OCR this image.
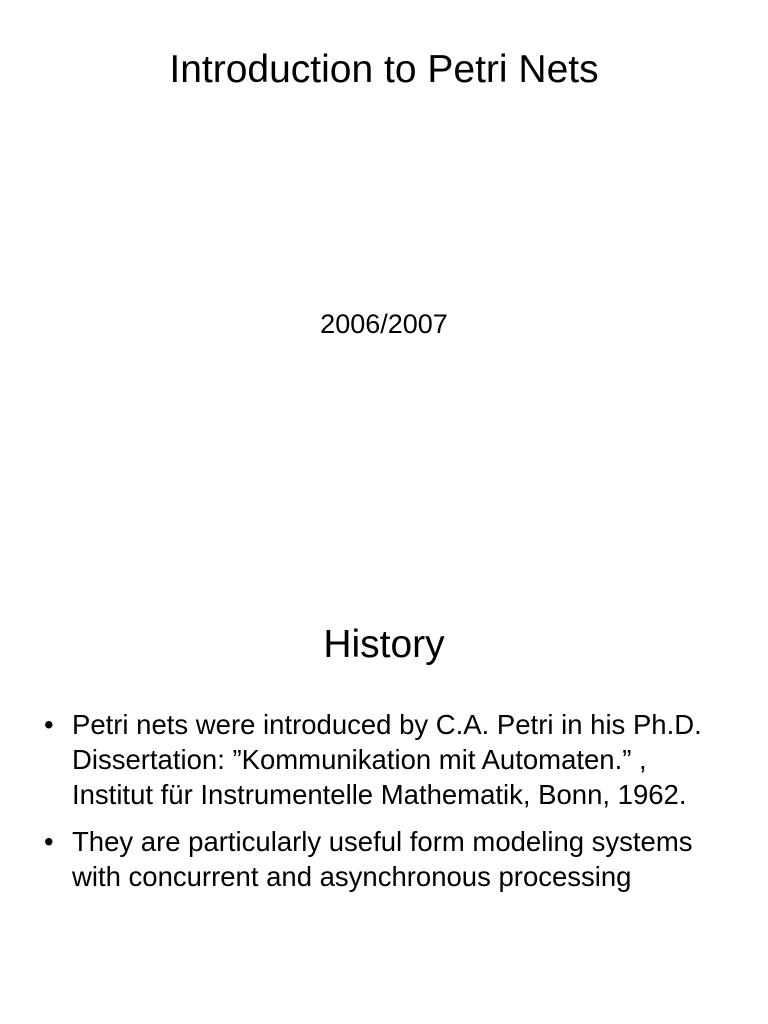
Introduction to Petri Nets
2006/2007
History
• Petri nets were introduced by C.A. Petri in his Ph.D. Dissertation: ”Kommunikation mit Automaten.” , Institut für Instrumentelle Mathematik, Bonn, 1962.
• They are particularly useful form modeling systems with concurrent and asynchronous processing
